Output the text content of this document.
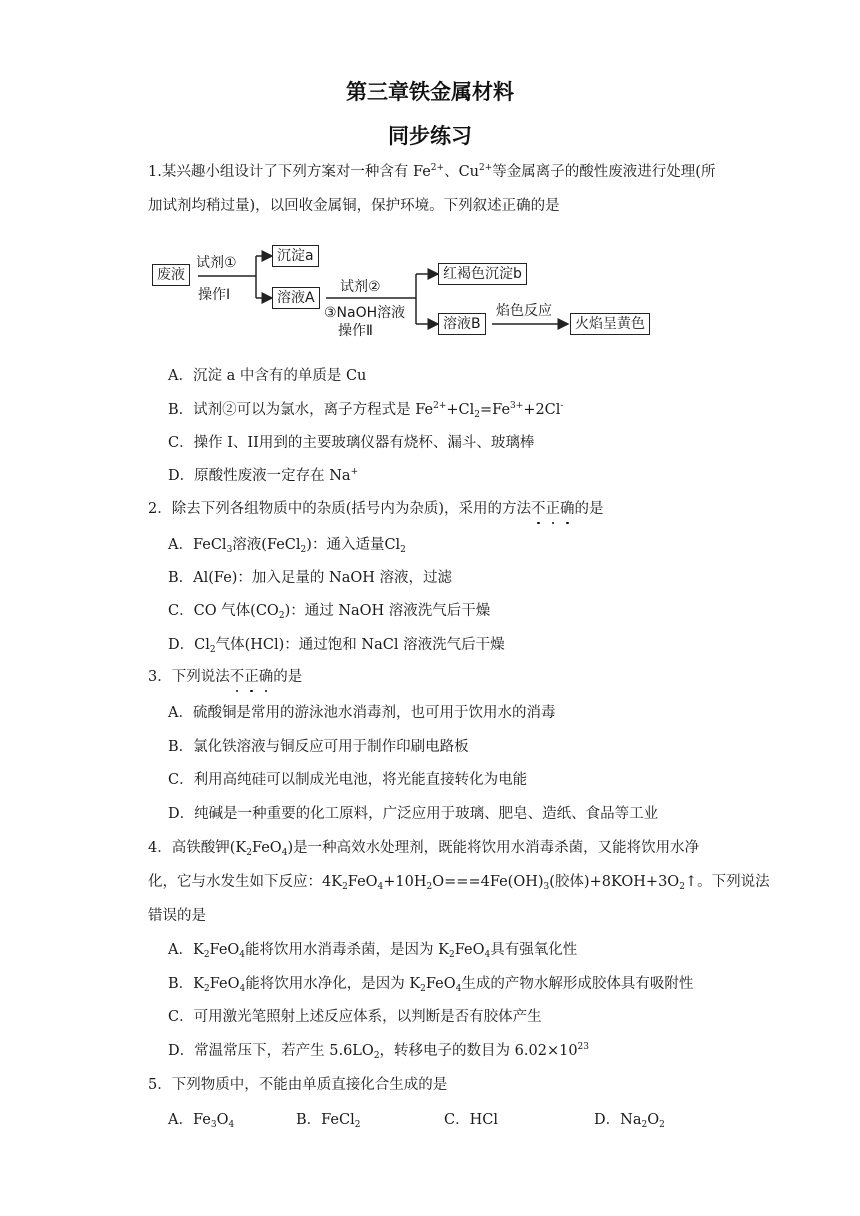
第三章铁金属材料
同步练习
1.某兴趣小组设计了下列方案对一种含有 $Fe^{2+}$、$Cu^{2+}$等金属离子的酸性废液进行处理(所
加试剂均稍过量)，以回收金属铜，保护环境。下列叙述正确的是
废液
试剂①
操作Ⅰ
沉淀a
溶液A
试剂②
③NaOH溶液
操作Ⅱ
红褐色沉淀b
溶液B
焰色反应
火焰呈黄色
A．沉淀 a 中含有的单质是 Cu
B．试剂②可以为氯水，离子方程式是 $Fe^{2+}+Cl_2=Fe^{3+}+2Cl^-$
C．操作 I、II用到的主要玻璃仪器有烧杯、漏斗、玻璃棒
D．原酸性废液一定存在 Na+
2．除去下列各组物质中的杂质(括号内为杂质)，采用的方法不正确的是
A．FeCl$_3$溶液(FeCl$_2$)：通入适量$Cl_2$
B．Al(Fe)：加入足量的 NaOH 溶液，过滤
C．CO 气体$(CO_2)$：通过 NaOH 溶液洗气后干燥
D．$Cl_2$气体(HCl)：通过饱和 NaCl 溶液洗气后干燥
3．下列说法不正确的是
A．硫酸铜是常用的游泳池水消毒剂，也可用于饮用水的消毒
B．氯化铁溶液与铜反应可用于制作印刷电路板
C．利用高纯硅可以制成光电池，将光能直接转化为电能
D．纯碱是一种重要的化工原料，广泛应用于玻璃、肥皂、造纸、食品等工业
4．高铁酸钾$(K_2FeO_4)$是一种高效水处理剂，既能将饮用水消毒杀菌，又能将饮用水净
化，它与水发生如下反应：$4K_2FeO_4+10H_2O===4Fe(OH)_3$(胶体)$+8KOH+3O_2↑$。下列说法
错误的是
A．$K_2FeO_4$能将饮用水消毒杀菌，是因为 $K_2FeO_4$具有强氧化性
B．$K_2FeO_4$能将饮用水净化，是因为 $K_2FeO_4$生成的产物水解形成胶体具有吸附性
C．可用激光笔照射上述反应体系，以判断是否有胶体产生
D．常温常压下，若产生 $5.6LO_2$，转移电子的数目为 $6.02\times 10^{23}$
5．下列物质中，不能由单质直接化合生成的是
A．$Fe_3O_4$	B．FeCl$_2$	C．HCl	D．$Na_2O_2$
